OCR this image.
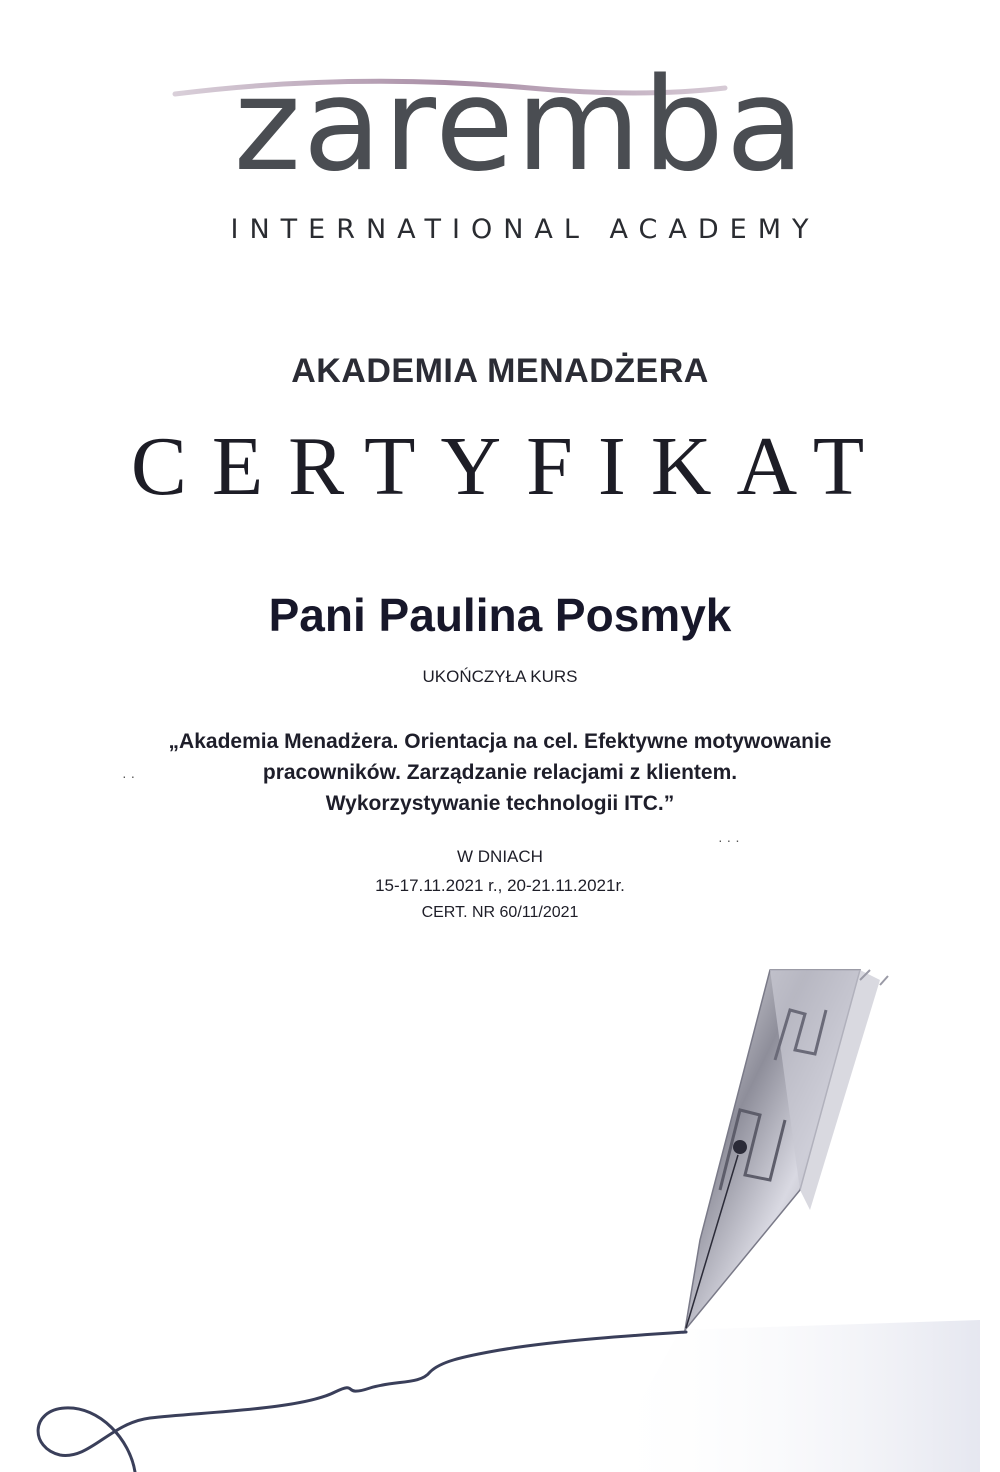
zaremba
INTERNATIONAL ACADEMY
AKADEMIA MENADŻERA
CERTYFIKAT
Pani Paulina Posmyk
UKOŃCZYŁA KURS
„Akademia Menadżera. Orientacja na cel. Efektywne motywowanie
pracowników. Zarządzanie relacjami z klientem.
Wykorzystywanie technologii ITC.”
W DNIACH
15-17.11.2021 r., 20-21.11.2021r.
CERT. NR 60/11/2021
· ·
· · ·
